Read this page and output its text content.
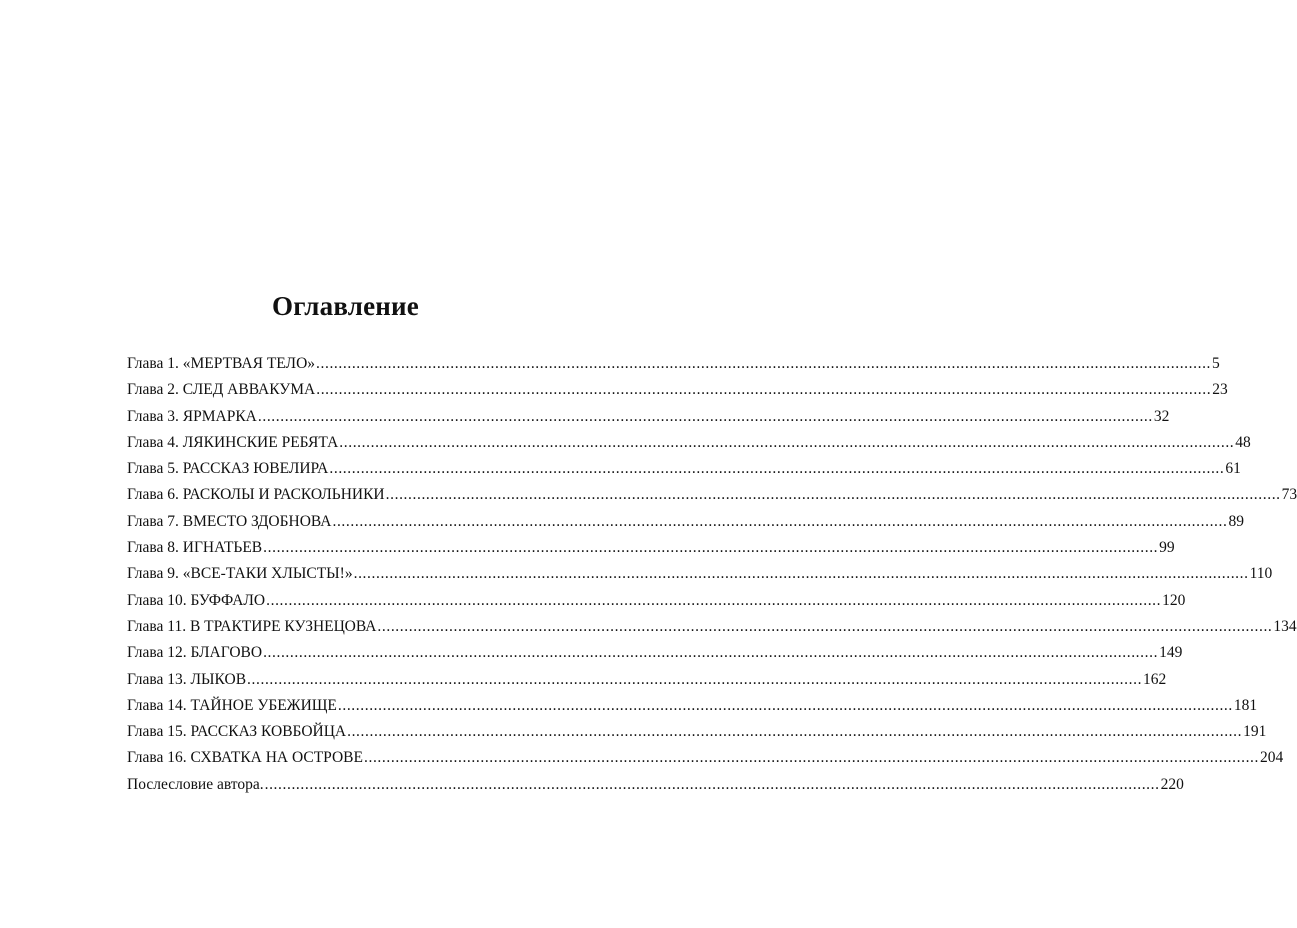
Оглавление
Глава 1. «МЕРТВАЯ ТЕЛО» ........................................................................................................................................................................................................ 5
Глава 2. СЛЕД АВВАКУМА ........................................................................................................................................................................................................ 23
Глава 3. ЯРМАРКА ........................................................................................................................................................................................................ 32
Глава 4. ЛЯКИНСКИЕ РЕБЯТА ........................................................................................................................................................................................................ 48
Глава 5. РАССКАЗ ЮВЕЛИРА ........................................................................................................................................................................................................ 61
Глава 6. РАСКОЛЫ И РАСКОЛЬНИКИ ........................................................................................................................................................................................................ 73
Глава 7. ВМЕСТО ЗДОБНОВА ........................................................................................................................................................................................................ 89
Глава 8. ИГНАТЬЕВ ........................................................................................................................................................................................................ 99
Глава 9. «ВСЕ-ТАКИ ХЛЫСТЫ!» ........................................................................................................................................................................................................ 110
Глава 10. БУФФАЛО ........................................................................................................................................................................................................ 120
Глава 11. В ТРАКТИРЕ КУЗНЕЦОВА ........................................................................................................................................................................................................ 134
Глава 12. БЛАГОВО ........................................................................................................................................................................................................ 149
Глава 13. ЛЫКОВ ........................................................................................................................................................................................................ 162
Глава 14. ТАЙНОЕ УБЕЖИЩЕ ........................................................................................................................................................................................................ 181
Глава 15. РАССКАЗ КОВБОЙЦА ........................................................................................................................................................................................................ 191
Глава 16. СХВАТКА НА ОСТРОВЕ ........................................................................................................................................................................................................ 204
Послесловие автора. ........................................................................................................................................................................................................ 220
